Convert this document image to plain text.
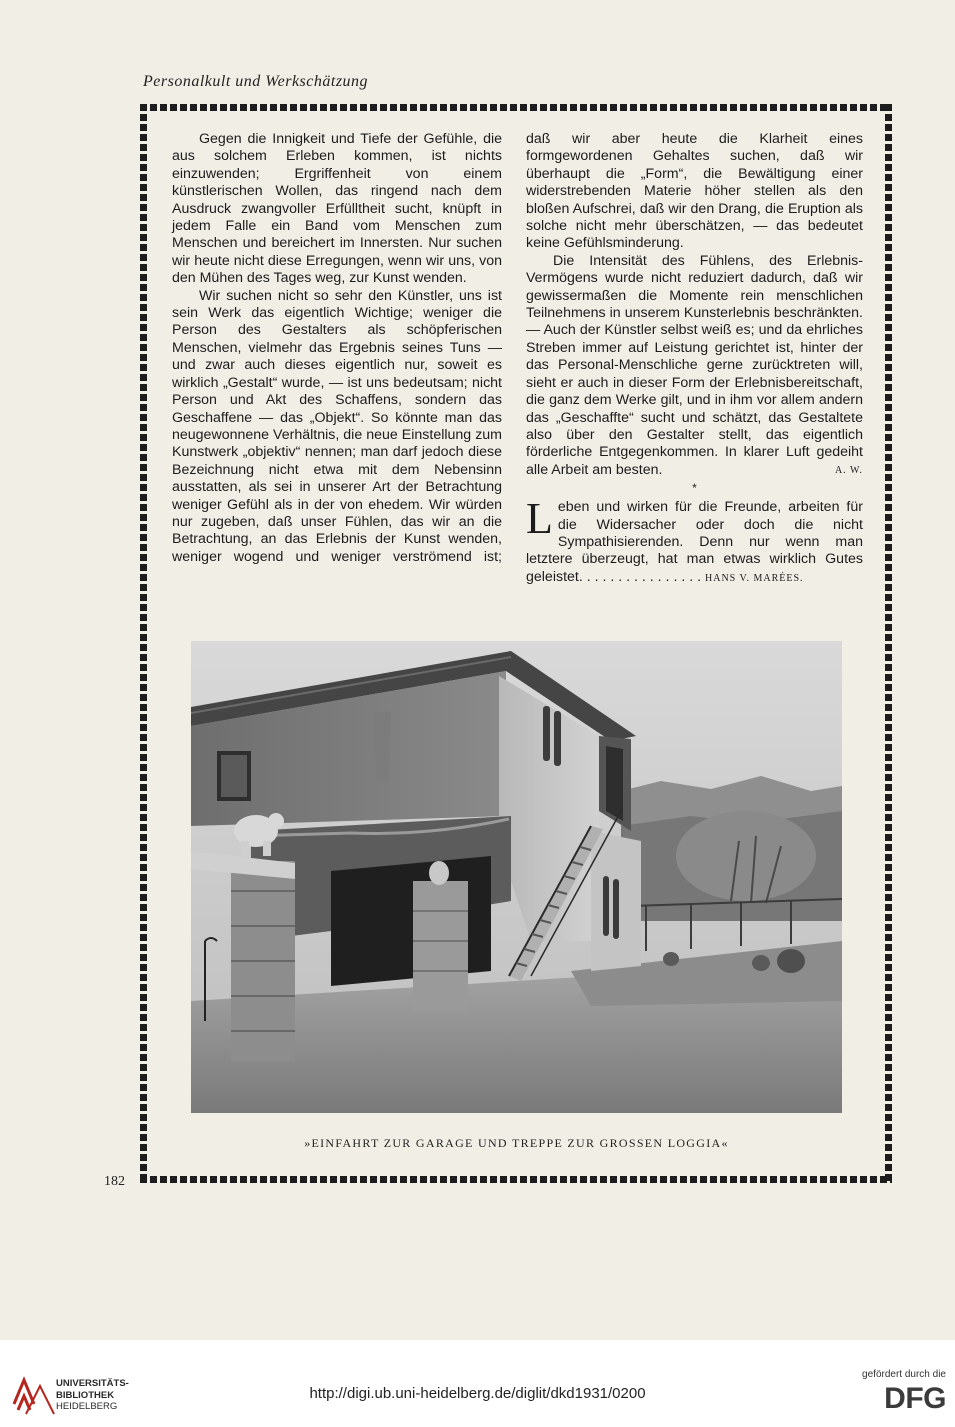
Personalkult und Werkschätzung

Gegen die Innigkeit und Tiefe der Gefühle, die aus solchem Erleben kommen, ist nichts einzuwenden; Ergriffenheit von einem künstlerischen Wollen, das ringend nach dem Ausdruck zwangvoller Erfülltheit sucht, knüpft in jedem Falle ein Band vom Menschen zum Menschen und bereichert im Innersten. Nur suchen wir heute nicht diese Erregungen, wenn wir uns, von den Mühen des Tages weg, zur Kunst wenden.

Wir suchen nicht so sehr den Künstler, uns ist sein Werk das eigentlich Wichtige; weniger die Person des Gestalters als schöpferischen Menschen, vielmehr das Ergebnis seines Tuns — und zwar auch dieses eigentlich nur, soweit es wirklich „Gestalt“ wurde, — ist uns bedeutsam; nicht Person und Akt des Schaffens, sondern das Geschaffene — das „Objekt“. So könnte man das neugewonnene Verhältnis, die neue Einstellung zum Kunstwerk „objektiv“ nennen; man darf jedoch diese Bezeichnung nicht etwa mit dem Nebensinn ausstatten, als sei in unserer Art der Betrachtung weniger Gefühl als in der von ehedem. Wir würden nur zugeben, daß unser Fühlen, das wir an die Betrachtung, an das Erlebnis der Kunst wenden, weniger wogend und weniger verströmend ist;

daß wir aber heute die Klarheit eines formgewordenen Gehaltes suchen, daß wir überhaupt die „Form“, die Bewältigung einer widerstrebenden Materie höher stellen als den bloßen Aufschrei, daß wir den Drang, die Eruption als solche nicht mehr überschätzen, — das bedeutet keine Gefühlsminderung.

Die Intensität des Fühlens, des Erlebnis-Vermögens wurde nicht reduziert dadurch, daß wir gewissermaßen die Momente rein menschlichen Teilnehmens in unserem Kunsterlebnis beschränkten. — Auch der Künstler selbst weiß es; und da ehrliches Streben immer auf Leistung gerichtet ist, hinter der das Personal-Menschliche gerne zurücktreten will, sieht er auch in dieser Form der Erlebnisbereitschaft, die ganz dem Werke gilt, und in ihm vor allem andern das „Geschaffte“ sucht und schätzt, das Gestaltete also über den Gestalter stellt, das eigentlich förderliche Entgegenkommen. In klarer Luft gedeiht alle Arbeit am besten.	A. W.

*

Leben und wirken für die Freunde, arbeiten für die Widersacher oder doch die nicht Sympathisierenden. Denn nur wenn man letztere überzeugt, hat man etwas wirklich Gutes geleistet. . . . . . . . . . . . . . . . HANS V. MARÉES.

»EINFAHRT ZUR GARAGE UND TREPPE ZUR GROSSEN LOGGIA«
182
UNIVERSITÄTS-
BIBLIOTHEK
HEIDELBERG
http://digi.ub.uni-heidelberg.de/diglit/dkd1931/0200
gefördert durch die
DFG
